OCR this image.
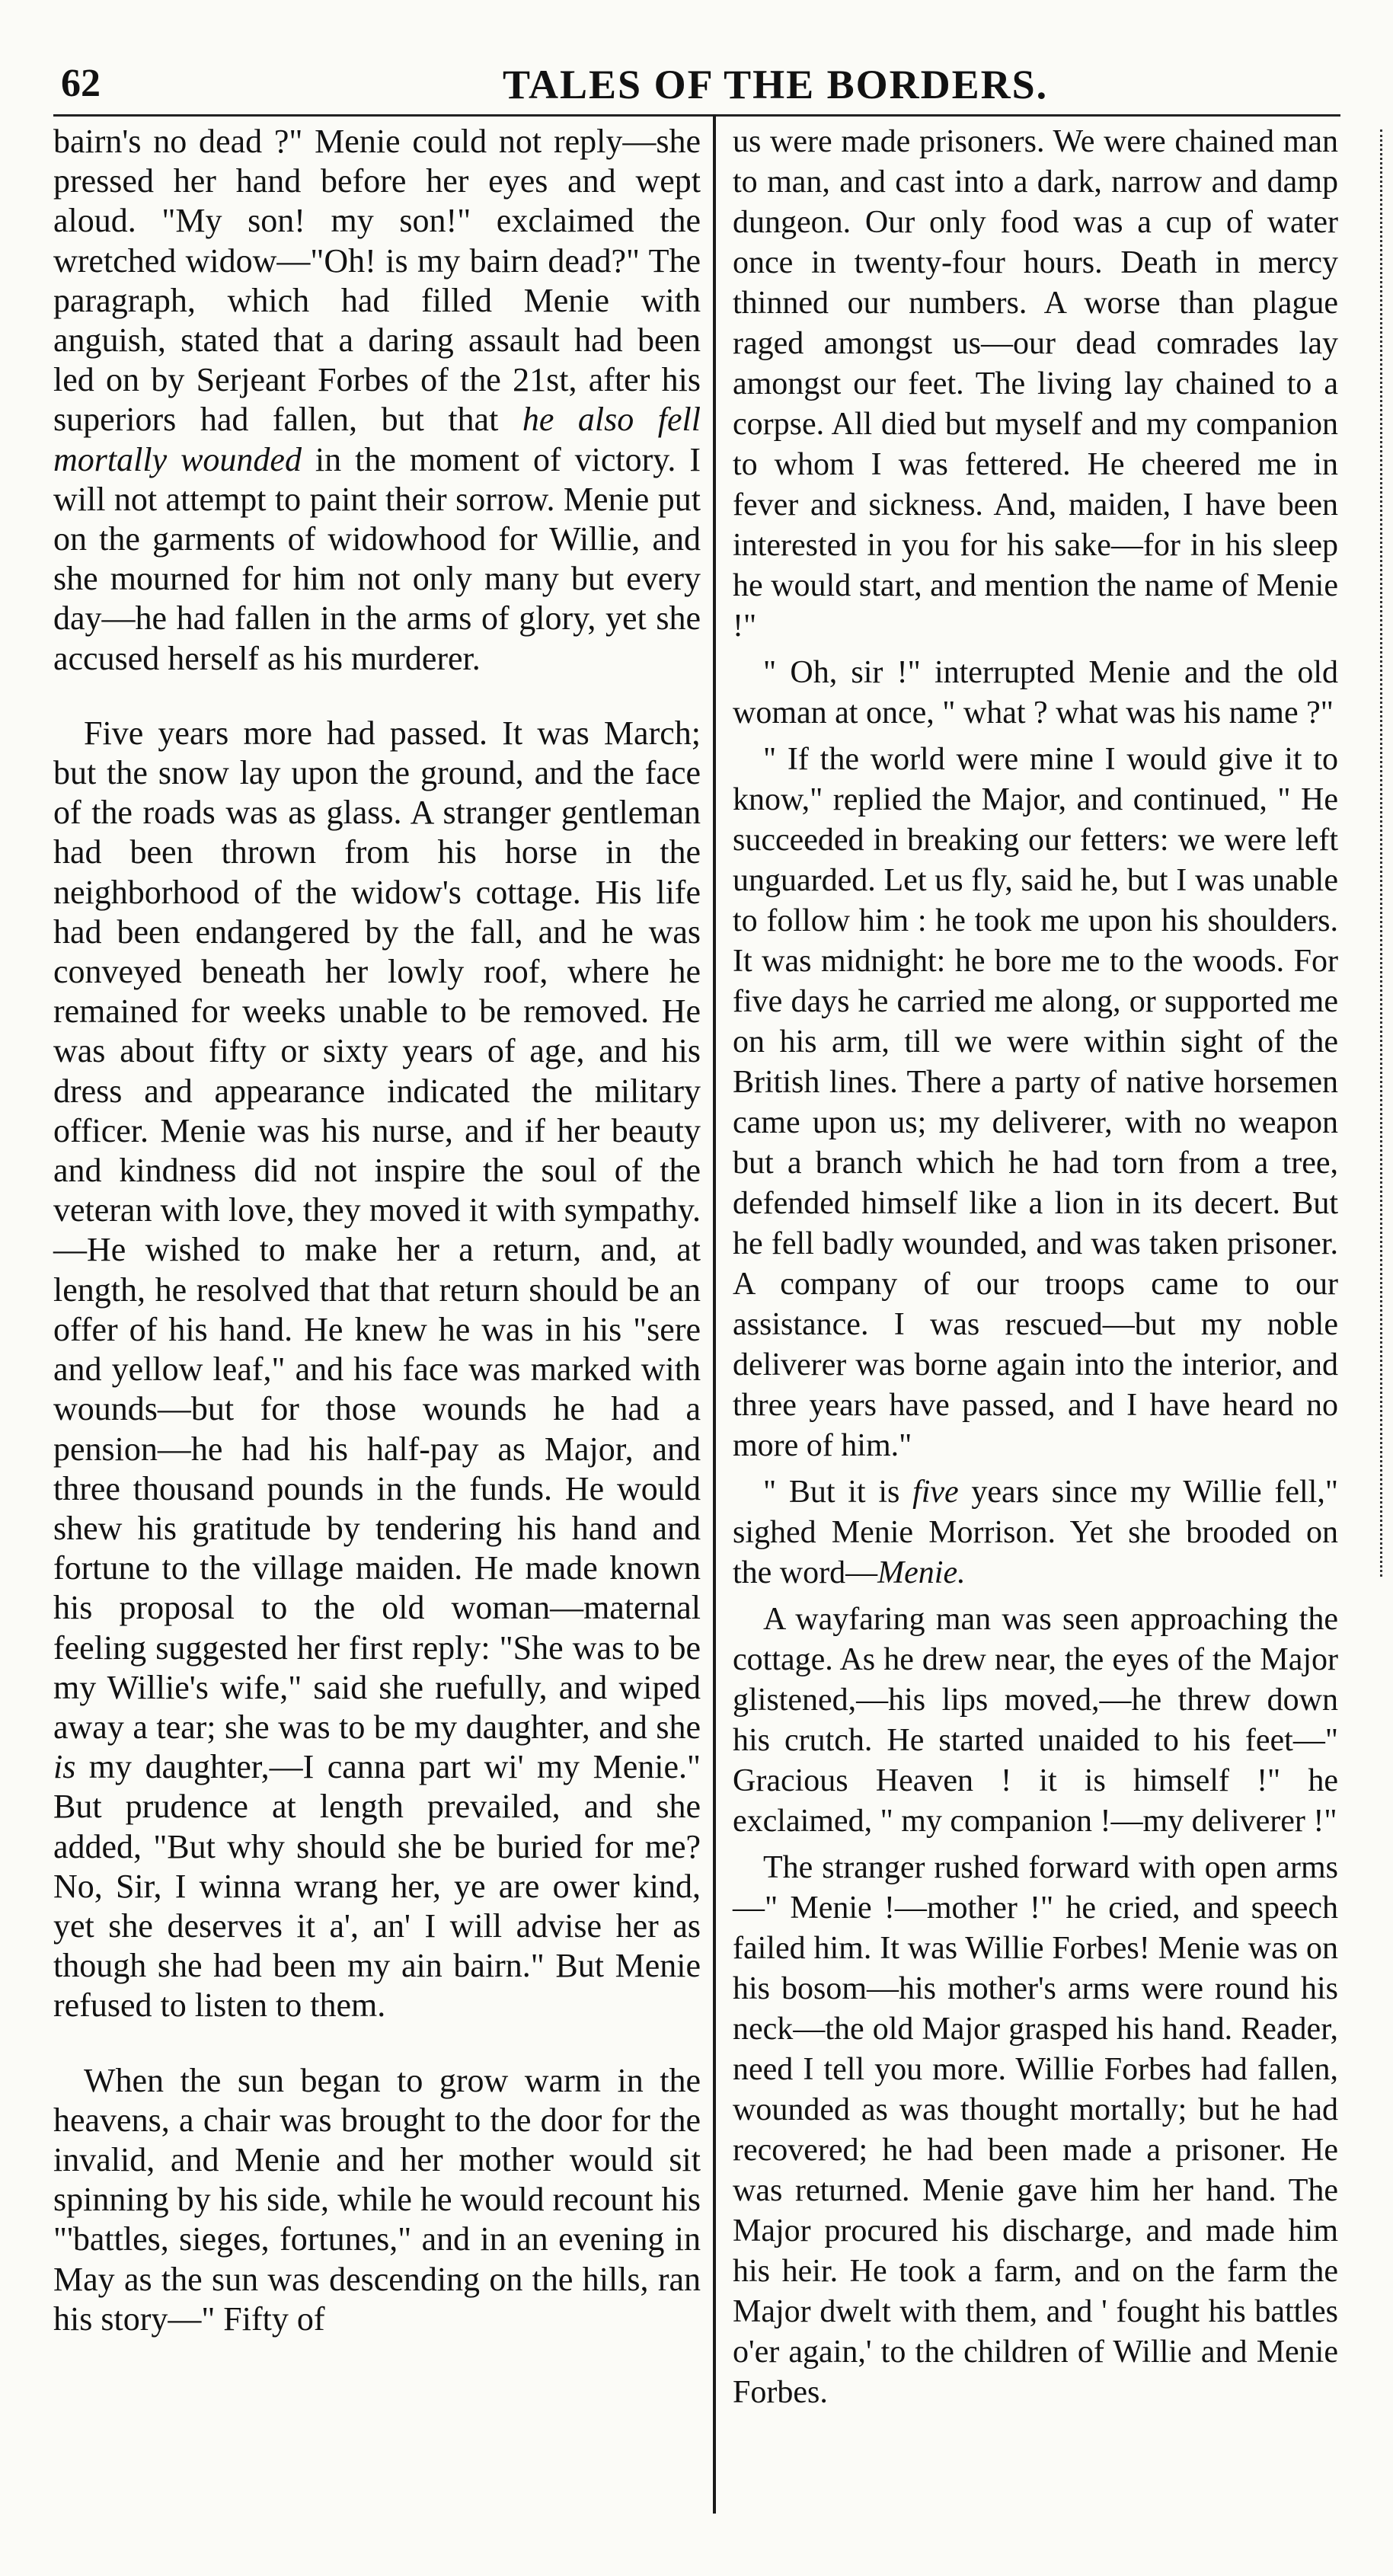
62	TALES OF THE BORDERS.

bairn's no dead ?" Menie could not reply—she pressed her hand before her eyes and wept aloud. "My son! my son!" exclaimed the wretched widow—"Oh! is my bairn dead?" The paragraph, which had filled Menie with anguish, stated that a daring assault had been led on by Serjeant Forbes of the 21st, after his superiors had fallen, but that he also fell mortally wounded in the moment of victory. I will not attempt to paint their sorrow. Menie put on the garments of widowhood for Willie, and she mourned for him not only many but every day—he had fallen in the arms of glory, yet she accused herself as his murderer.

Five years more had passed. It was March; but the snow lay upon the ground, and the face of the roads was as glass. A stranger gentleman had been thrown from his horse in the neighborhood of the widow's cottage. His life had been endangered by the fall, and he was conveyed beneath her lowly roof, where he remained for weeks unable to be removed. He was about fifty or sixty years of age, and his dress and appearance indicated the military officer. Menie was his nurse, and if her beauty and kindness did not inspire the soul of the veteran with love, they moved it with sympathy.—He wished to make her a return, and, at length, he resolved that that return should be an offer of his hand. He knew he was in his "sere and yellow leaf," and his face was marked with wounds—but for those wounds he had a pension—he had his half-pay as Major, and three thousand pounds in the funds. He would shew his gratitude by tendering his hand and fortune to the village maiden. He made known his proposal to the old woman—maternal feeling suggested her first reply: "She was to be my Willie's wife," said she ruefully, and wiped away a tear; she was to be my daughter, and she is my daughter,—I canna part wi' my Menie." But prudence at length prevailed, and she added, "But why should she be buried for me? No, Sir, I winna wrang her, ye are ower kind, yet she deserves it a', an' I will advise her as though she had been my ain bairn." But Menie refused to listen to them.

When the sun began to grow warm in the heavens, a chair was brought to the door for the invalid, and Menie and her mother would sit spinning by his side, while he would recount his "'battles, sieges, fortunes," and in an evening in May as the sun was descending on the hills, ran his story—" Fifty of

us were made prisoners. We were chained man to man, and cast into a dark, narrow and damp dungeon. Our only food was a cup of water once in twenty-four hours. Death in mercy thinned our numbers. A worse than plague raged amongst us—our dead comrades lay amongst our feet. The living lay chained to a corpse. All died but myself and my companion to whom I was fettered. He cheered me in fever and sickness. And, maiden, I have been interested in you for his sake—for in his sleep he would start, and mention the name of Menie !"

" Oh, sir !" interrupted Menie and the old woman at once, " what ? what was his name ?"

" If the world were mine I would give it to know," replied the Major, and continued, " He succeeded in breaking our fetters: we were left unguarded. Let us fly, said he, but I was unable to follow him : he took me upon his shoulders. It was midnight: he bore me to the woods. For five days he carried me along, or supported me on his arm, till we were within sight of the British lines. There a party of native horsemen came upon us; my deliverer, with no weapon but a branch which he had torn from a tree, defended himself like a lion in its decert. But he fell badly wounded, and was taken prisoner. A company of our troops came to our assistance. I was rescued—but my noble deliverer was borne again into the interior, and three years have passed, and I have heard no more of him."

" But it is five years since my Willie fell," sighed Menie Morrison. Yet she brooded on the word—Menie.

A wayfaring man was seen approaching the cottage. As he drew near, the eyes of the Major glistened,—his lips moved,—he threw down his crutch. He started unaided to his feet—" Gracious Heaven ! it is himself !" he exclaimed, " my companion !—my deliverer !"

The stranger rushed forward with open arms—" Menie !—mother !" he cried, and speech failed him. It was Willie Forbes! Menie was on his bosom—his mother's arms were round his neck—the old Major grasped his hand. Reader, need I tell you more. Willie Forbes had fallen, wounded as was thought mortally; but he had recovered; he had been made a prisoner. He was returned. Menie gave him her hand. The Major procured his discharge, and made him his heir. He took a farm, and on the farm the Major dwelt with them, and ' fought his battles o'er again,' to the children of Willie and Menie Forbes.
